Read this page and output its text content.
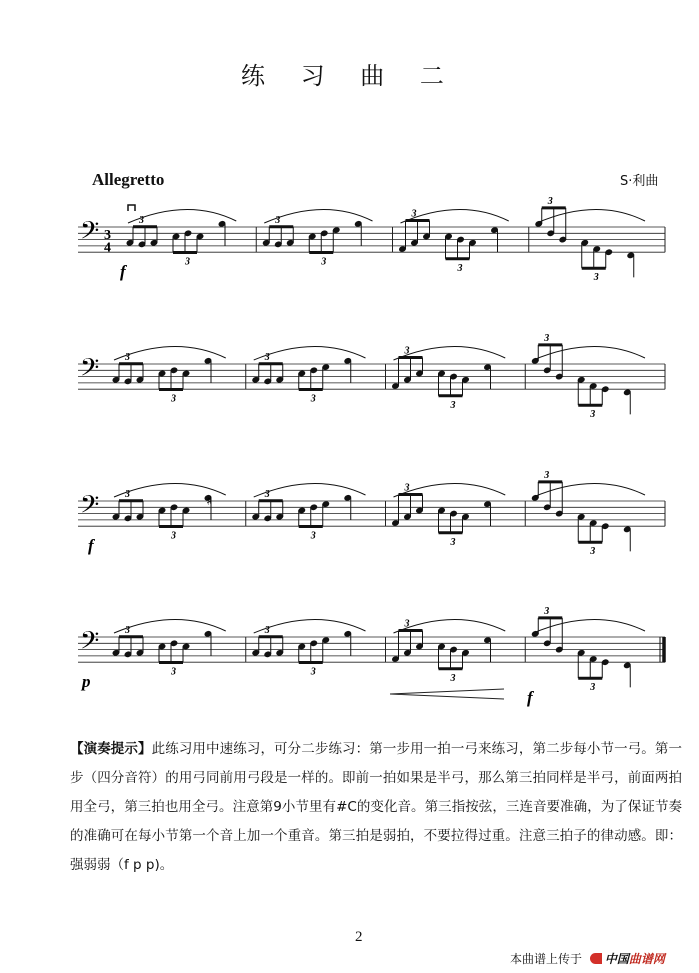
练 习 曲 二
Allegretto	S·利曲
𝄢 3
4
3
3
3
3
3
3
3
3
f
𝄢	3
3
3
3
3
3
3
3
𝄢	3
3
3
3
3
3
3
3
f
♯
𝄢	3
3
3
3
3
3
3
3
p
f
【演奏提示】此练习用中速练习，可分二步练习：第一步用一拍一弓来练习，第二步每小节一弓。第一步（四分音符）的用弓同前用弓段是一样的。即前一拍如果是半弓，那么第三拍同样是半弓，前面两拍用全弓，第三拍也用全弓。注意第9小节里有#C的变化音。第三指按弦，三连音要准确，为了保证节奏的准确可在每小节第一个音上加一个重音。第三拍是弱拍，不要拉得过重。注意三拍子的律动感。即：强弱弱（f p p)。
2
本曲谱上传于 中国曲谱网
